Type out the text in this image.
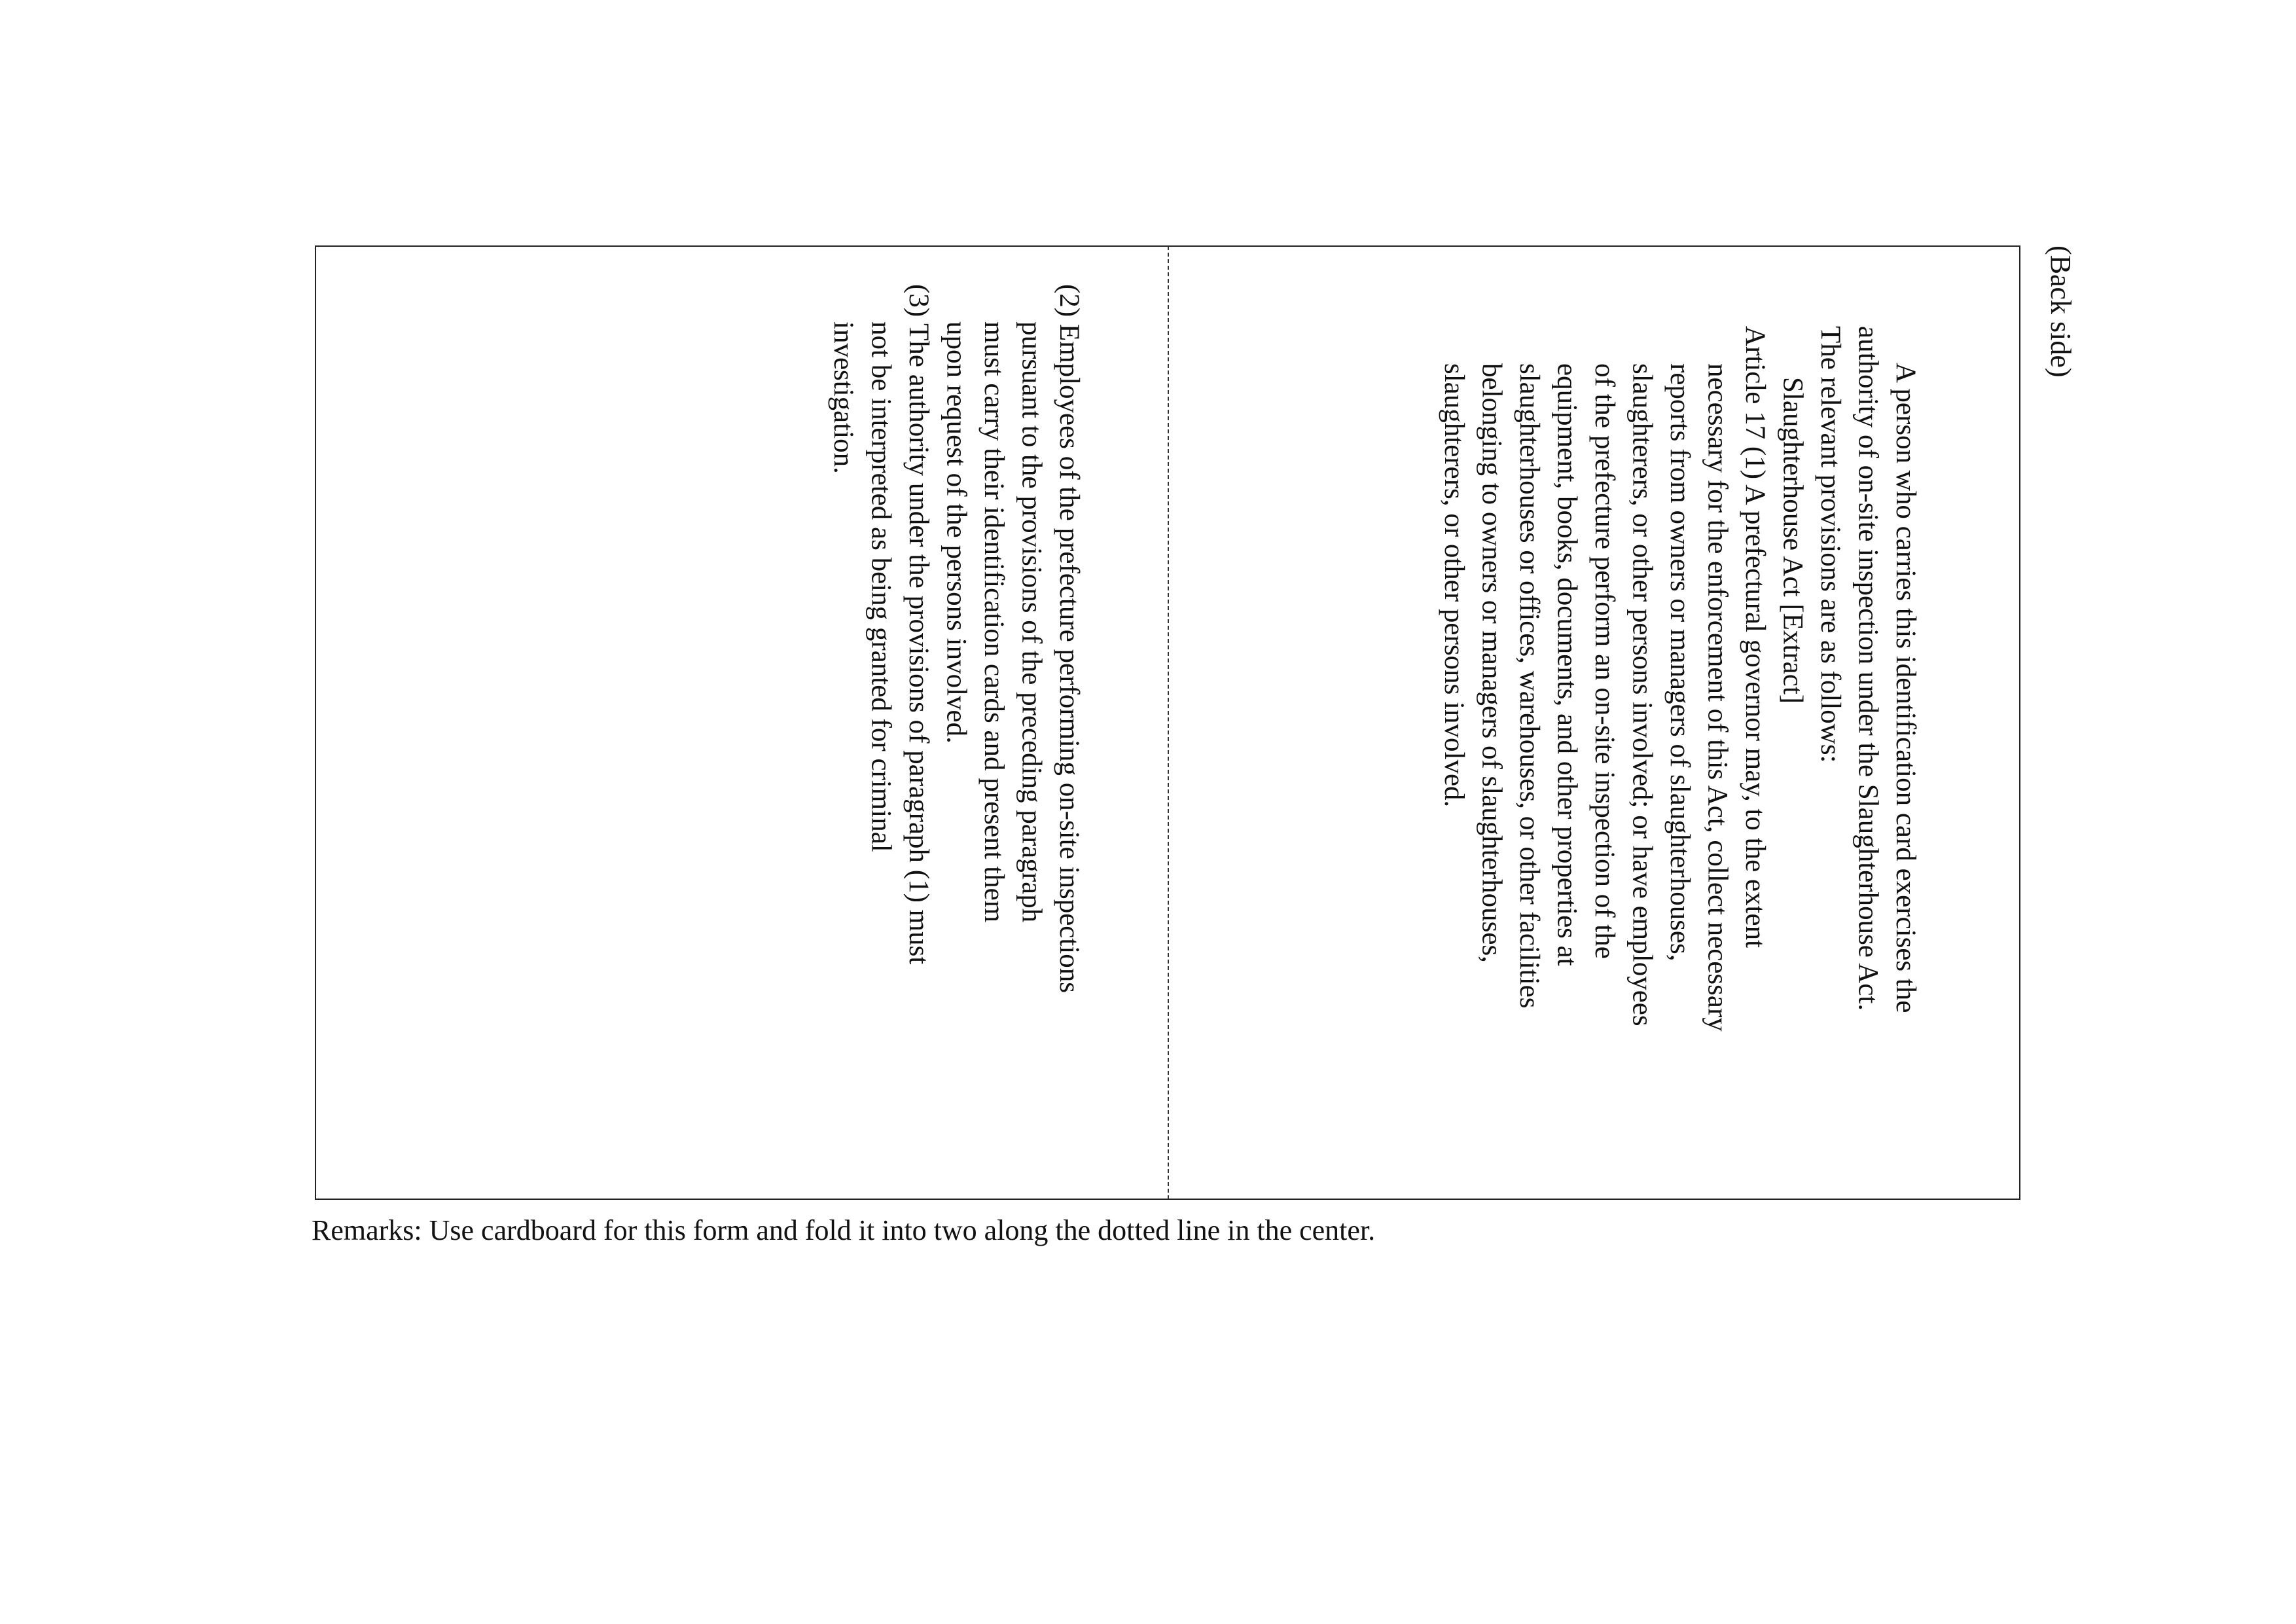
(Back side)
A person who carries this identification card exercises the
authority of on-site inspection under the Slaughterhouse Act.
The relevant provisions are as follows:
Slaughterhouse Act [Extract]
Article 17 (1) A prefectural governor may, to the extent
necessary for the enforcement of this Act, collect necessary
reports from owners or managers of slaughterhouses,
slaughterers, or other persons involved; or have employees
of the prefecture perform an on-site inspection of the
equipment, books, documents, and other properties at
slaughterhouses or offices, warehouses, or other facilities
belonging to owners or managers of slaughterhouses,
slaughterers, or other persons involved.
(2) Employees of the prefecture performing on-site inspections
pursuant to the provisions of the preceding paragraph
must carry their identification cards and present them
upon request of the persons involved.
(3) The authority under the provisions of paragraph (1) must
not be interpreted as being granted for criminal
investigation.
Remarks: Use cardboard for this form and fold it into two along the dotted line in the center.
